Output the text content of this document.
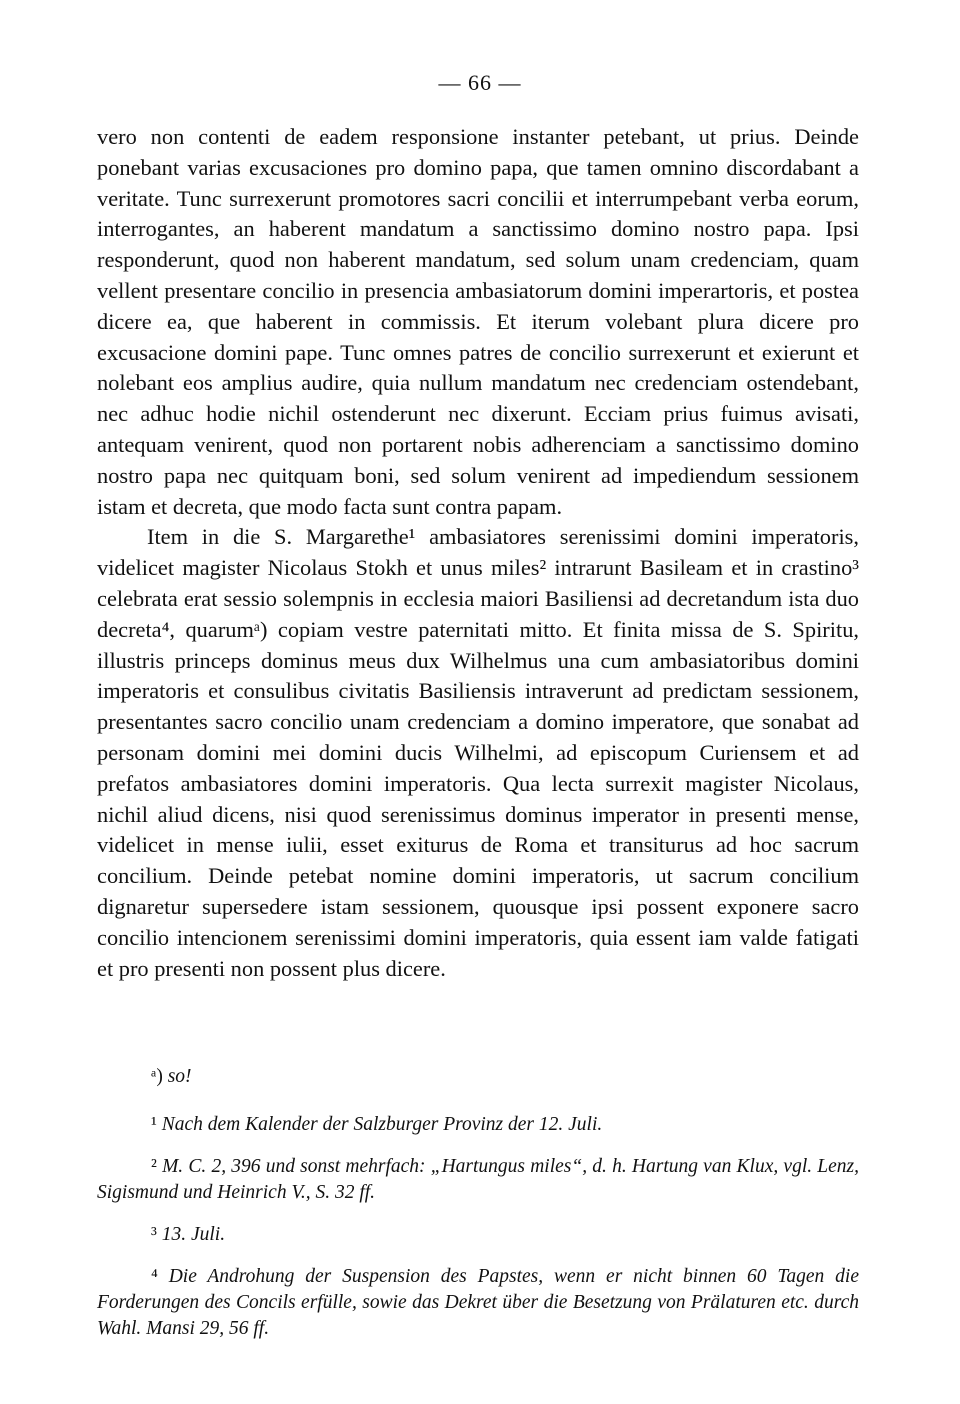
— 66 —

vero non contenti de eadem responsione instanter petebant, ut prius. Deinde ponebant varias excusaciones pro domino papa, que tamen omnino discordabant a veritate. Tunc surrexerunt promotores sacri concilii et interrumpebant verba eorum, interrogantes, an haberent mandatum a sanctissimo domino nostro papa. Ipsi responderunt, quod non haberent mandatum, sed solum unam credenciam, quam vellent presentare concilio in presencia ambasiatorum domini imperartoris, et postea dicere ea, que haberent in commissis. Et iterum volebant plura dicere pro excusacione domini pape. Tunc omnes patres de concilio surrexerunt et exierunt et nolebant eos amplius audire, quia nullum mandatum nec credenciam ostendebant, nec adhuc hodie nichil ostenderunt nec dixerunt. Ecciam prius fuimus avisati, antequam venirent, quod non portarent nobis adherenciam a sanctissimo domino nostro papa nec quitquam boni, sed solum venirent ad impediendum sessionem istam et decreta, que modo facta sunt contra papam.

Item in die S. Margarethe¹ ambasiatores serenissimi domini imperatoris, videlicet magister Nicolaus Stokh et unus miles² intrarunt Basileam et in crastino³ celebrata erat sessio solempnis in ecclesia maiori Basiliensi ad decretandum ista duo decreta⁴, quarumᵃ) copiam vestre paternitati mitto. Et finita missa de S. Spiritu, illustris princeps dominus meus dux Wilhelmus una cum ambasiatoribus domini imperatoris et consulibus civitatis Basiliensis intraverunt ad predictam sessionem, presentantes sacro concilio unam credenciam a domino imperatore, que sonabat ad personam domini mei domini ducis Wilhelmi, ad episcopum Curiensem et ad prefatos ambasiatores domini imperatoris. Qua lecta surrexit magister Nicolaus, nichil aliud dicens, nisi quod serenissimus dominus imperator in presenti mense, videlicet in mense iulii, esset exiturus de Roma et transiturus ad hoc sacrum concilium. Deinde petebat nomine domini imperatoris, ut sacrum concilium dignaretur supersedere istam sessionem, quousque ipsi possent exponere sacro concilio intencionem serenissimi domini imperatoris, quia essent iam valde fatigati et pro presenti non possent plus dicere.

ᵃ) so!

¹ Nach dem Kalender der Salzburger Provinz der 12. Juli.

² M. C. 2, 396 und sonst mehrfach: „Hartungus miles“, d. h. Hartung van Klux, vgl. Lenz, Sigismund und Heinrich V., S. 32 ff.

³ 13. Juli.

⁴ Die Androhung der Suspension des Papstes, wenn er nicht binnen 60 Tagen die Forderungen des Concils erfülle, sowie das Dekret über die Besetzung von Prälaturen etc. durch Wahl. Mansi 29, 56 ff.
